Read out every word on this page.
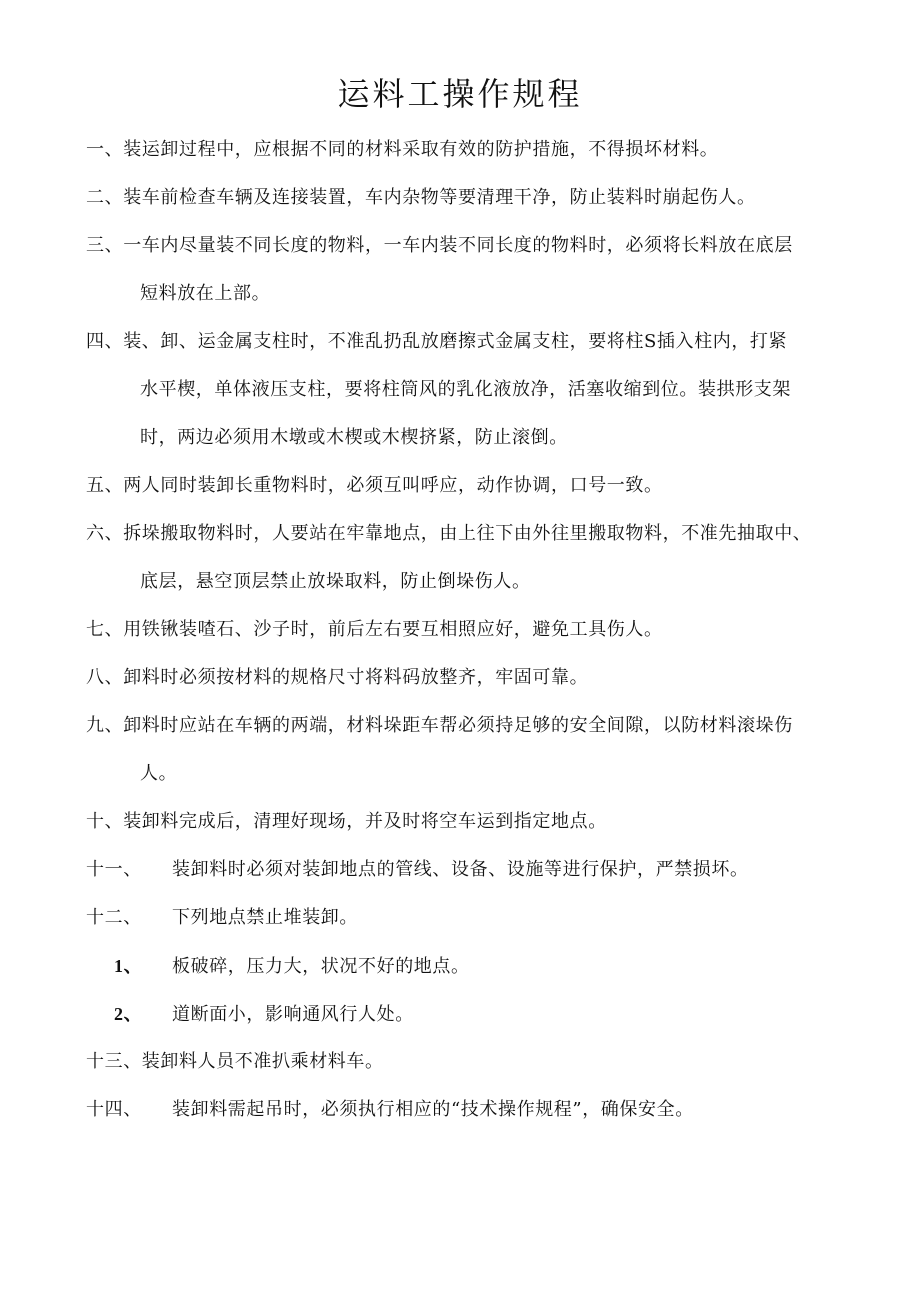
运料工操作规程
一、装运卸过程中，应根据不同的材料采取有效的防护措施，不得损坏材料。
二、装车前检查车辆及连接装置，车内杂物等要清理干净，防止装料时崩起伤人。
三、一车内尽量装不同长度的物料，一车内装不同长度的物料时，必须将长料放在底层
短料放在上部。
四、装、卸、运金属支柱时，不准乱扔乱放磨擦式金属支柱，要将柱S插入柱内，打紧
水平楔，单体液压支柱，要将柱筒风的乳化液放净，活塞收缩到位。装拱形支架
时，两边必须用木墩或木楔或木楔挤紧，防止滚倒。
五、两人同时装卸长重物料时，必须互叫呼应，动作协调，口号一致。
六、拆垛搬取物料时，人要站在牢靠地点，由上往下由外往里搬取物料，不准先抽取中、
底层，悬空顶层禁止放垛取料，防止倒垛伤人。
七、用铁锹装喳石、沙子时，前后左右要互相照应好，避免工具伤人。
八、卸料时必须按材料的规格尺寸将料码放整齐，牢固可靠。
九、卸料时应站在车辆的两端，材料垛距车帮必须持足够的安全间隙，以防材料滚垛伤
人。
十、装卸料完成后，清理好现场，并及时将空车运到指定地点。
十一、 装卸料时必须对装卸地点的管线、设备、设施等进行保护，严禁损坏。
十二、 下列地点禁止堆装卸。
1、 板破碎，压力大，状况不好的地点。
2、 道断面小，影响通风行人处。
十三、装卸料人员不准扒乘材料车。
十四、 装卸料需起吊时，必须执行相应的“技术操作规程”，确保安全。
